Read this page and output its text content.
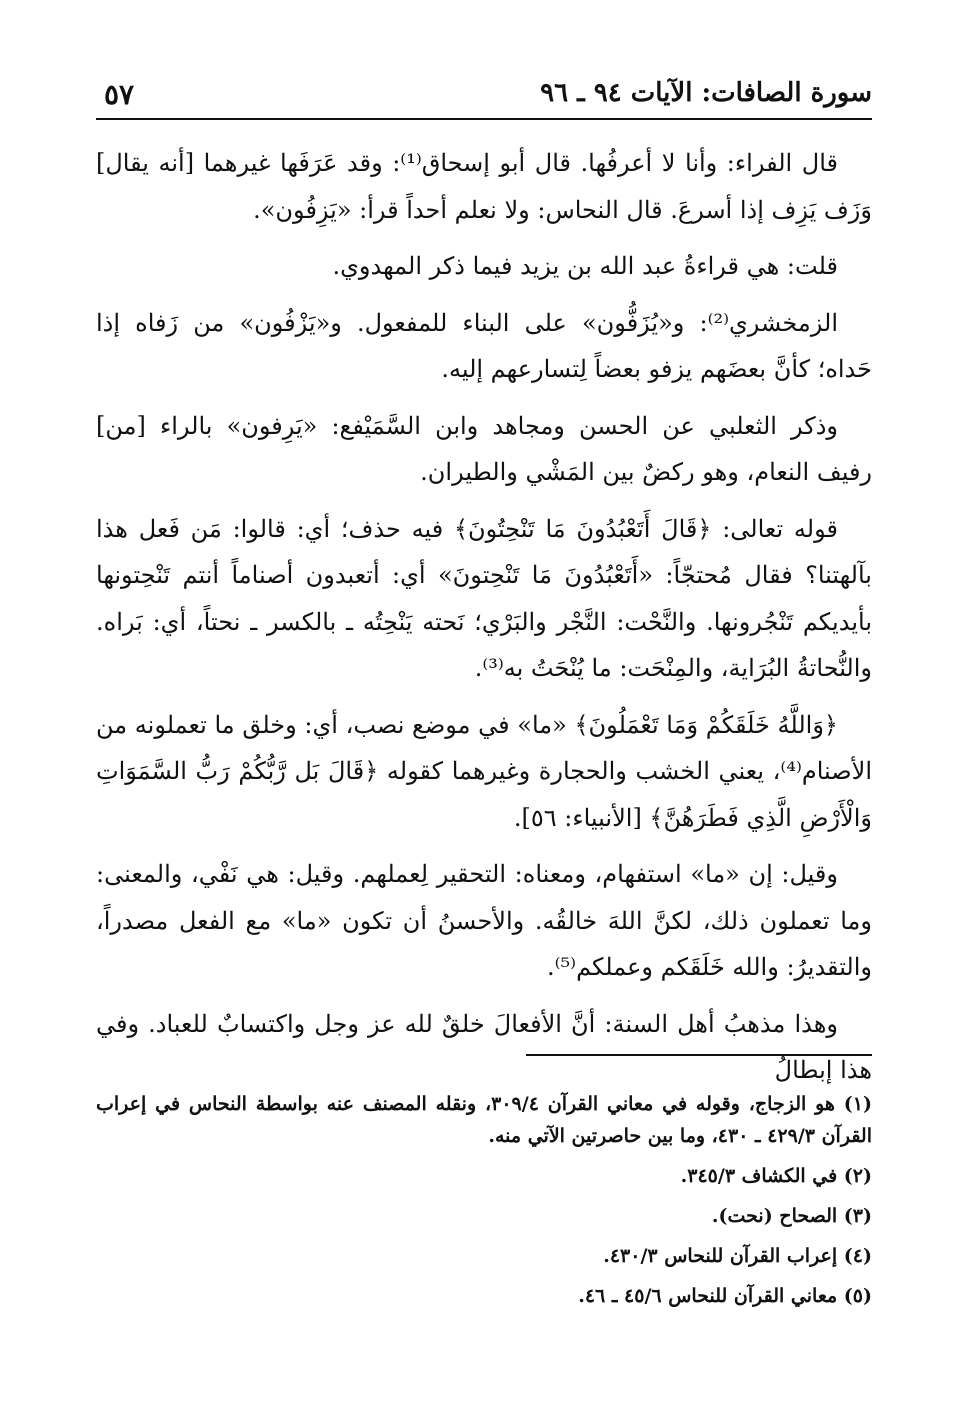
سورة الصافات: الآيات ٩٤ ـ ٩٦
٥٧

قال الفراء: وأنا لا أعرفُها. قال أبو إسحاق⁽¹⁾: وقد عَرَفَها غيرهما [أنه يقال] وَزَف يَزِف إذا أسرعَ. قال النحاس: ولا نعلم أحداً قرأ: «يَزِفُون».

قلت: هي قراءةُ عبد الله بن يزيد فيما ذكر المهدوي.

الزمخشري⁽²⁾: و«يُزَفُّون» على البناء للمفعول. و«يَزْفُون» من زَفاه إذا حَداه؛ كأنَّ بعضَهم يزفو بعضاً لِتسارعهم إليه.

وذكر الثعلبي عن الحسن ومجاهد وابن السَّمَيْفع: «يَرِفون» بالراء [من] رفيف النعام، وهو ركضٌ بين المَشْي والطيران.

قوله تعالى: ﴿قَالَ أَتَعْبُدُونَ مَا تَنْحِتُونَ﴾ فيه حذف؛ أي: قالوا: مَن فَعل هذا بآلهتنا؟ فقال مُحتجّاً: «أَتَعْبُدُونَ مَا تَنْحِتونَ» أي: أتعبدون أصناماً أنتم تَنْحِتونها بأيديكم تَنْجُرونها. والنَّحْت: النَّجْر والبَرْي؛ نَحته يَنْحِتُه ـ بالكسر ـ نحتاً، أي: بَراه. والنُّحاتةُ البُرَاية، والمِنْحَت: ما يُنْحَتُ به⁽³⁾.

﴿وَاللَّهُ خَلَقَكُمْ وَمَا تَعْمَلُونَ﴾ «ما» في موضع نصب، أي: وخلق ما تعملونه من الأصنام⁽⁴⁾، يعني الخشب والحجارة وغيرهما كقوله ﴿قَالَ بَل رَّبُّكُمْ رَبُّ السَّمَوَاتِ وَالْأَرْضِ الَّذِي فَطَرَهُنَّ﴾ [الأنبياء: ٥٦].

وقيل: إن «ما» استفهام، ومعناه: التحقير لِعملهم. وقيل: هي نَفْي، والمعنى: وما تعملون ذلك، لكنَّ اللهَ خالقُه. والأحسنُ أن تكون «ما» مع الفعل مصدراً، والتقديرُ: والله خَلَقَكم وعملكم⁽⁵⁾.

وهذا مذهبُ أهل السنة: أنَّ الأفعالَ خلقٌ لله عز وجل واكتسابٌ للعباد. وفي هذا إبطالُ

(١) هو الزجاج، وقوله في معاني القرآن ٣٠٩/٤، ونقله المصنف عنه بواسطة النحاس في إعراب القرآن ٤٢٩/٣ ـ ٤٣٠، وما بين حاصرتين الآتي منه.

(٢) في الكشاف ٣٤٥/٣.

(٣) الصحاح (نحت).

(٤) إعراب القرآن للنحاس ٤٣٠/٣.

(٥) معاني القرآن للنحاس ٤٥/٦ ـ ٤٦.
